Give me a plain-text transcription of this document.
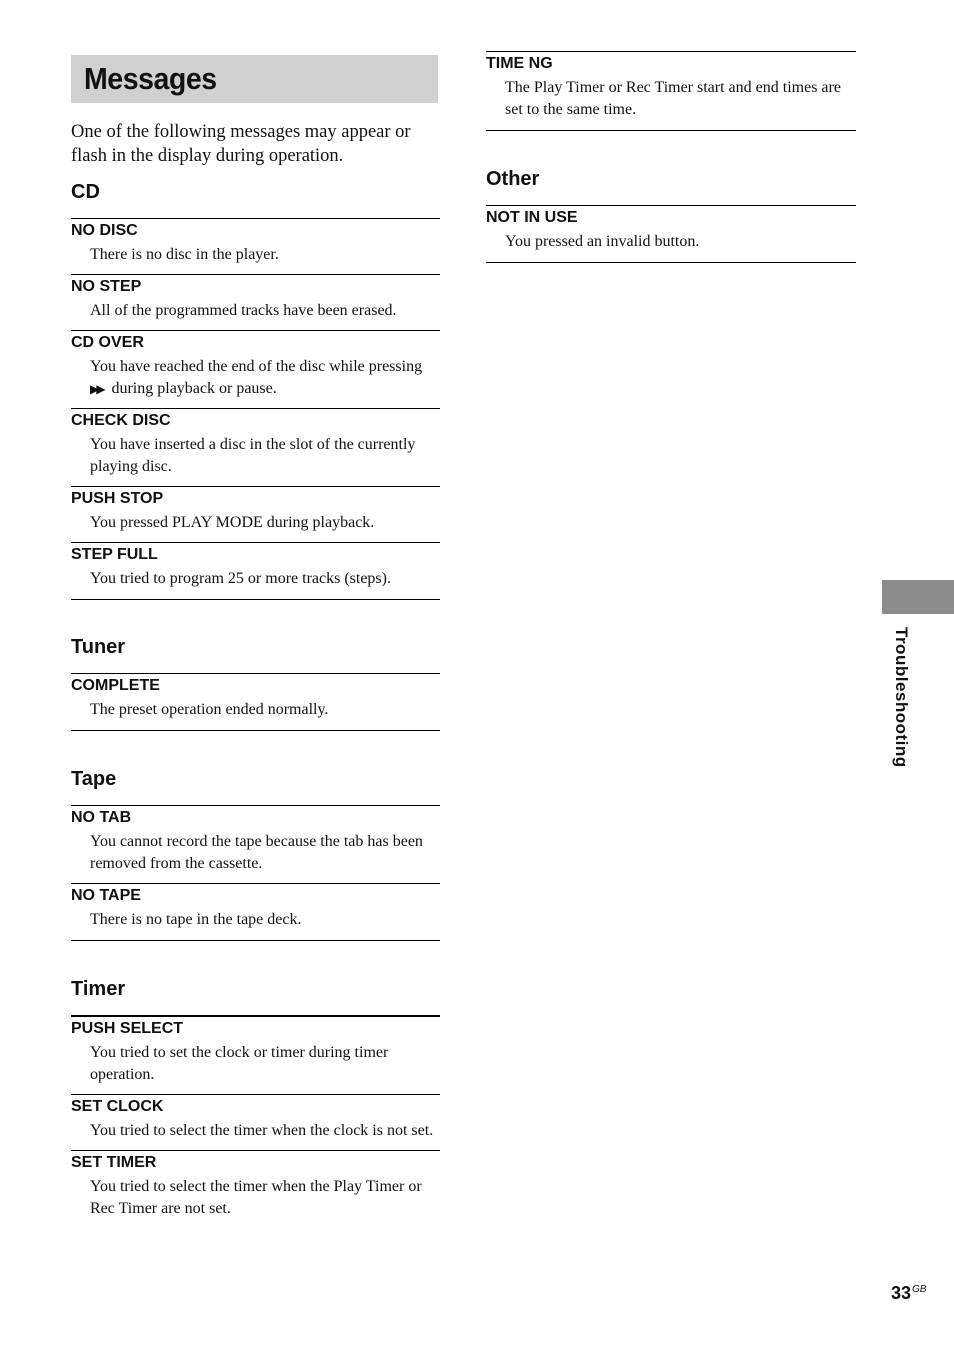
Messages

One of the following messages may appear or flash in the display during operation.

CD
NO DISC
There is no disc in the player.
NO STEP
All of the programmed tracks have been erased.
CD OVER
You have reached the end of the disc while pressing
▶▶ during playback or pause.
CHECK DISC
You have inserted a disc in the slot of the currently playing disc.
PUSH STOP
You pressed PLAY MODE during playback.
STEP FULL
You tried to program 25 or more tracks (steps).
Tuner
COMPLETE
The preset operation ended normally.
Tape
NO TAB
You cannot record the tape because the tab has been removed from the cassette.
NO TAPE
There is no tape in the tape deck.
Timer
PUSH SELECT
You tried to set the clock or timer during timer operation.
SET CLOCK
You tried to select the timer when the clock is not set.
SET TIMER
You tried to select the timer when the Play Timer or Rec Timer are not set.
TIME NG
The Play Timer or Rec Timer start and end times are set to the same time.
Other
NOT IN USE
You pressed an invalid button.
Troubleshooting
$33^{GB}$
